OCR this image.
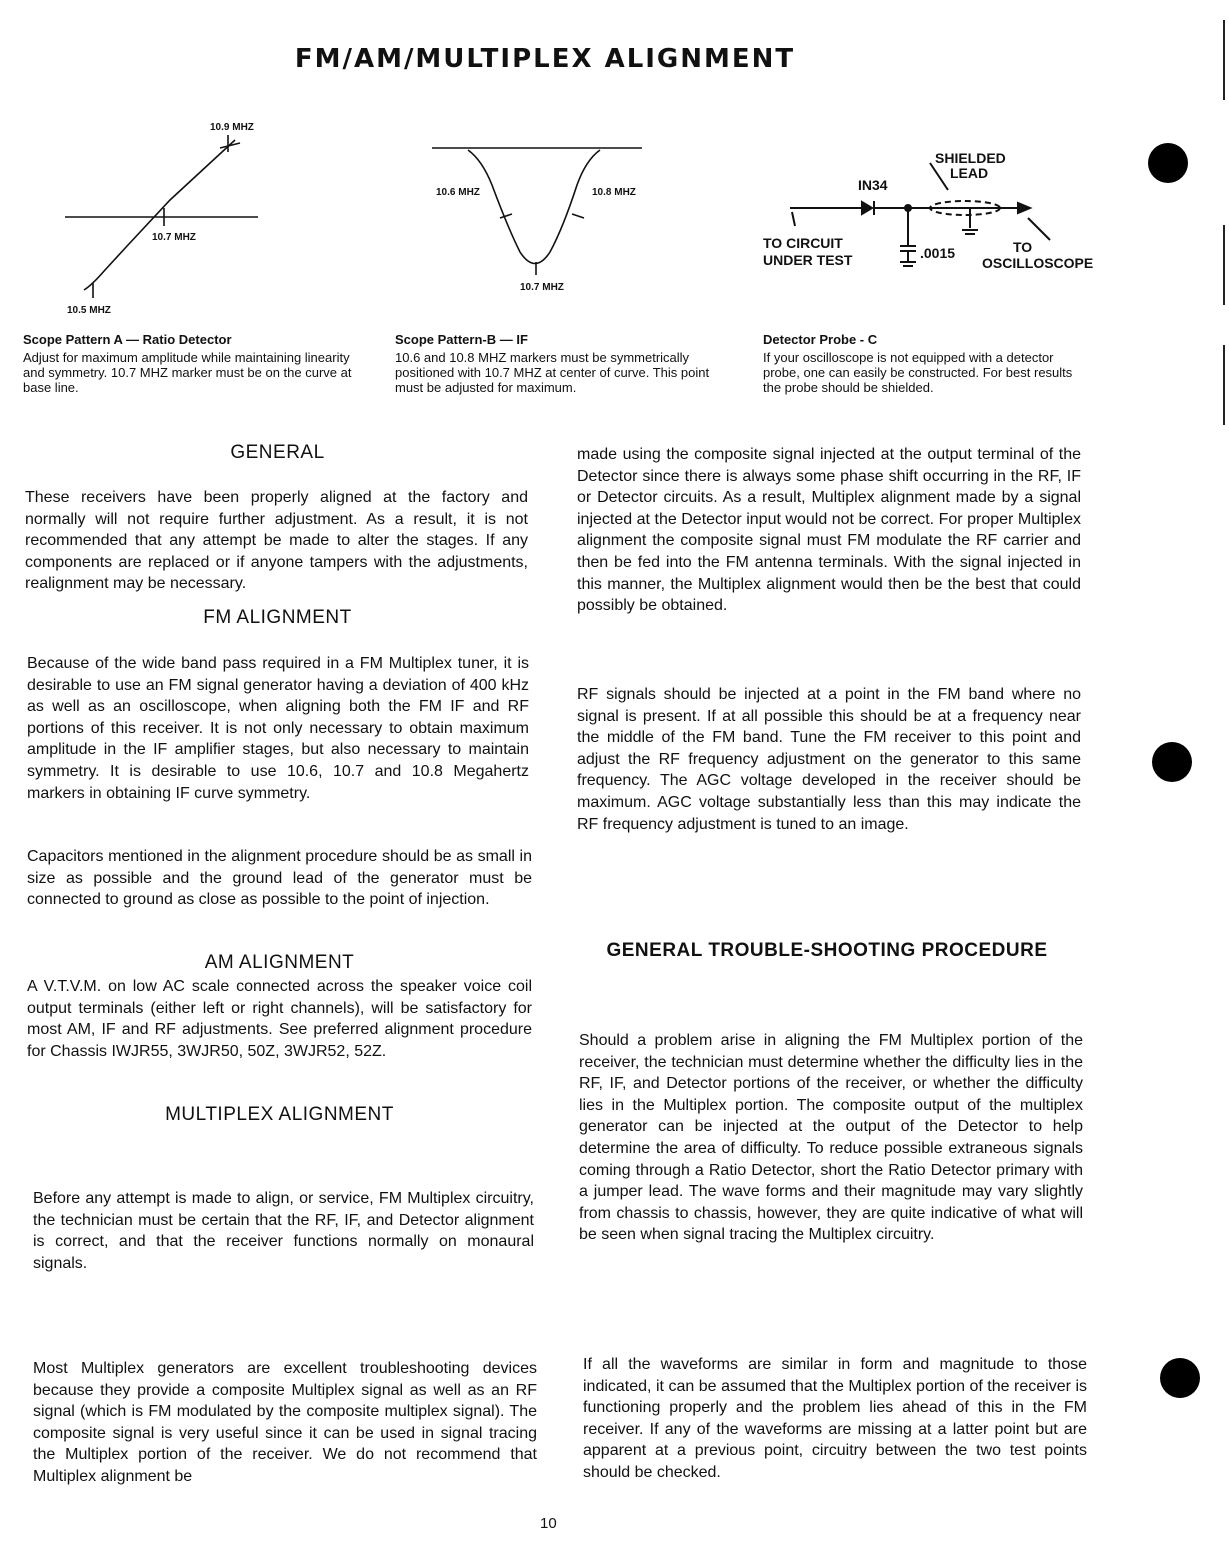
FM/AM/MULTIPLEX ALIGNMENT
10.9 MHZ
10.7 MHZ
10.5 MHZ
10.6 MHZ	10.8 MHZ
10.7 MHZ
SHIELDED
LEAD
IN34
TO CIRCUIT
UNDER TEST	.0015	TO
OSCILLOSCOPE
Scope Pattern A — Ratio Detector
Adjust for maximum amplitude while maintaining linearity and symmetry. 10.7 MHZ marker must be on the curve at base line.
Scope Pattern-B — IF
10.6 and 10.8 MHZ markers must be symmetrically positioned with 10.7 MHZ at center of curve. This point must be adjusted for maximum.
Detector Probe - C
If your oscilloscope is not equipped with a detector probe, one can easily be constructed. For best results the probe should be shielded.
GENERAL
These receivers have been properly aligned at the factory and normally will not require further adjustment. As a result, it is not recommended that any attempt be made to alter the stages. If any components are replaced or if anyone tampers with the adjustments, realignment may be necessary.
FM ALIGNMENT
Because of the wide band pass required in a FM Multiplex tuner, it is desirable to use an FM signal generator having a deviation of 400 kHz as well as an oscilloscope, when aligning both the FM IF and RF portions of this receiver. It is not only necessary to obtain maximum amplitude in the IF amplifier stages, but also necessary to maintain symmetry. It is desirable to use 10.6, 10.7 and 10.8 Megahertz markers in obtaining IF curve symmetry.
Capacitors mentioned in the alignment procedure should be as small in size as possible and the ground lead of the generator must be connected to ground as close as possible to the point of injection.
AM ALIGNMENT
A V.T.V.M. on low AC scale connected across the speaker voice coil output terminals (either left or right channels), will be satisfactory for most AM, IF and RF adjustments. See preferred alignment procedure for Chassis IWJR55, 3WJR50, 50Z, 3WJR52, 52Z.
MULTIPLEX ALIGNMENT
Before any attempt is made to align, or service, FM Multiplex circuitry, the technician must be certain that the RF, IF, and Detector alignment is correct, and that the receiver functions normally on monaural signals.
Most Multiplex generators are excellent troubleshooting devices because they provide a composite Multiplex signal as well as an RF signal (which is FM modulated by the composite multiplex signal). The composite signal is very useful since it can be used in signal tracing the Multiplex portion of the receiver. We do not recommend that Multiplex alignment be
made using the composite signal injected at the output terminal of the Detector since there is always some phase shift occurring in the RF, IF or Detector circuits. As a result, Multiplex alignment made by a signal injected at the Detector input would not be correct. For proper Multiplex alignment the composite signal must FM modulate the RF carrier and then be fed into the FM antenna terminals. With the signal injected in this manner, the Multiplex alignment would then be the best that could possibly be obtained.
RF signals should be injected at a point in the FM band where no signal is present. If at all possible this should be at a frequency near the middle of the FM band. Tune the FM receiver to this point and adjust the RF frequency adjustment on the generator to this same frequency. The AGC voltage developed in the receiver should be maximum. AGC voltage substantially less than this may indicate the RF frequency adjustment is tuned to an image.
GENERAL TROUBLE-SHOOTING PROCEDURE
Should a problem arise in aligning the FM Multiplex portion of the receiver, the technician must determine whether the difficulty lies in the RF, IF, and Detector portions of the receiver, or whether the difficulty lies in the Multiplex portion. The composite output of the multiplex generator can be injected at the output of the Detector to help determine the area of difficulty. To reduce possible extraneous signals coming through a Ratio Detector, short the Ratio Detector primary with a jumper lead. The wave forms and their magnitude may vary slightly from chassis to chassis, however, they are quite indicative of what will be seen when signal tracing the Multiplex circuitry.
If all the waveforms are similar in form and magnitude to those indicated, it can be assumed that the Multiplex portion of the receiver is functioning properly and the problem lies ahead of this in the FM receiver. If any of the waveforms are missing at a latter point but are apparent at a previous point, circuitry between the two test points should be checked.
10
